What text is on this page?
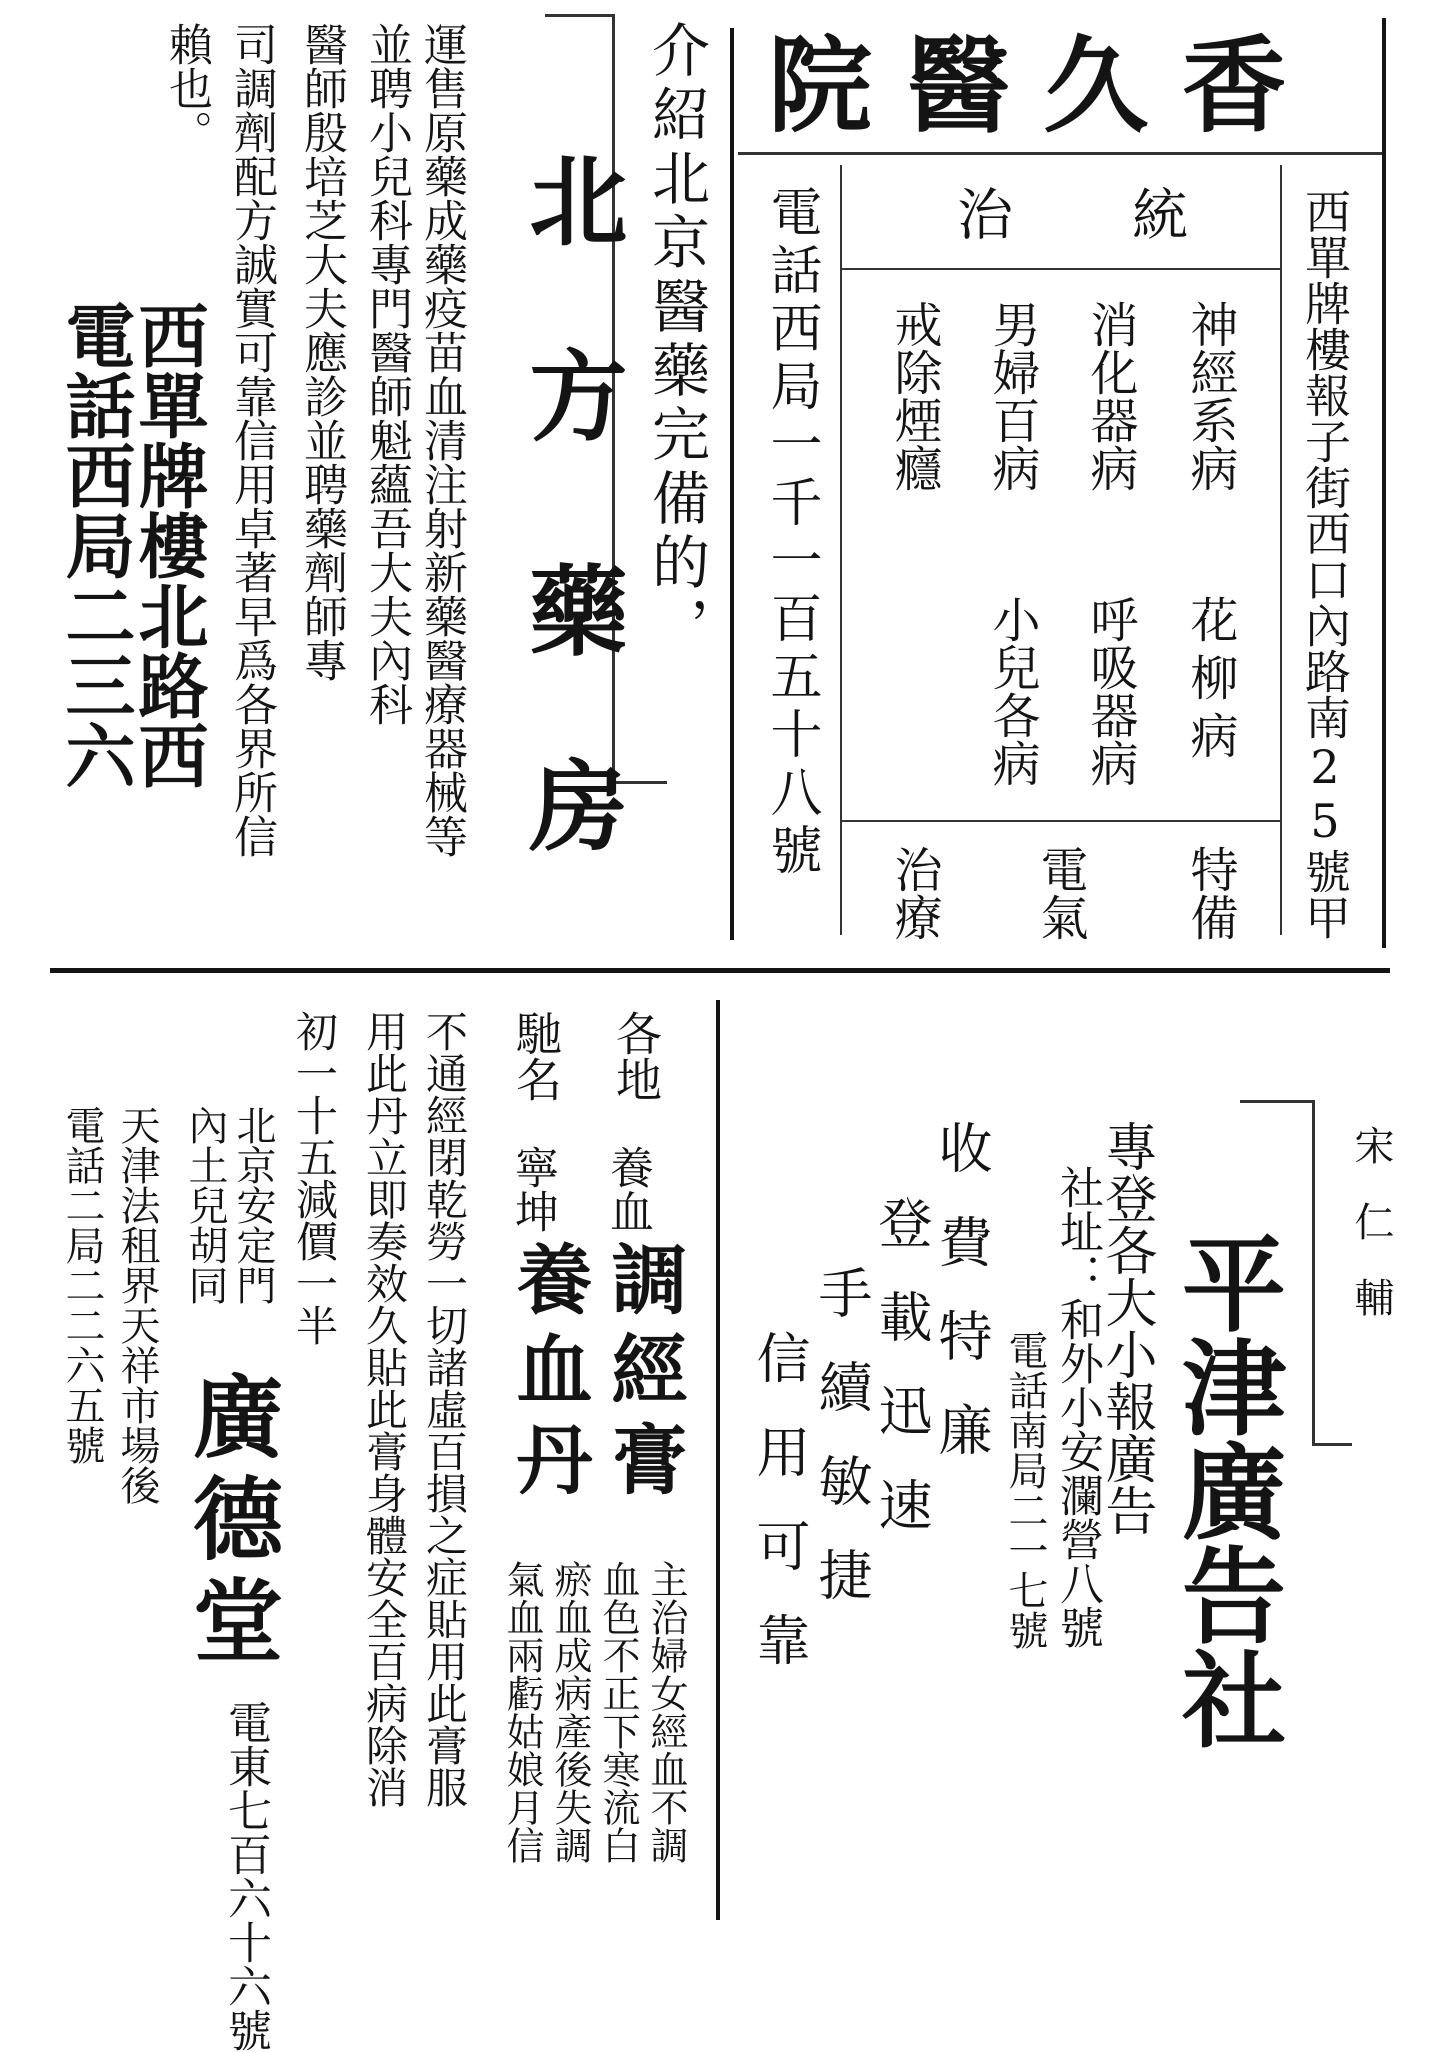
香久醫院

西單牌樓報子街西口內路南25號甲

統

治

神經系病

花柳病

消化器病

呼吸器病

男婦百病

小兒各病

戒除煙癮

特備

電氣

治療

電話西局一千一百五十八號

介紹北京醫藥完備的，

北

方

藥

房

運售原藥成藥疫苗血清注射新藥醫療器械等

並聘小兒科專門醫師魁蘊吾大夫內科

醫師殷培芝大夫應診並聘藥劑師專

司調劑配方誠實可靠信用卓著早爲各界所信

賴也。

西單牌樓北路西

電話西局二三六

宋仁輔

平津廣告社

專登各大小報廣告

社址：和外小安瀾營八號

電話南局二一七號

收費特廉

登載迅速

手續敏捷

信用可靠

各地

馳名

養血

調經膏

寧坤

養血丹

主治婦女經血不調

血色不正下寒流白

瘀血成病產後失調

氣血兩虧姑娘月信

不通經閉乾勞一切諸虛百損之症貼用此膏服

用此丹立即奏效久貼此膏身體安全百病除消

初一十五減價一半

廣德堂

電東七百六十六號

北京安定門

內土兒胡同

天津法租界天祥市場後

電話二局二二六五號
